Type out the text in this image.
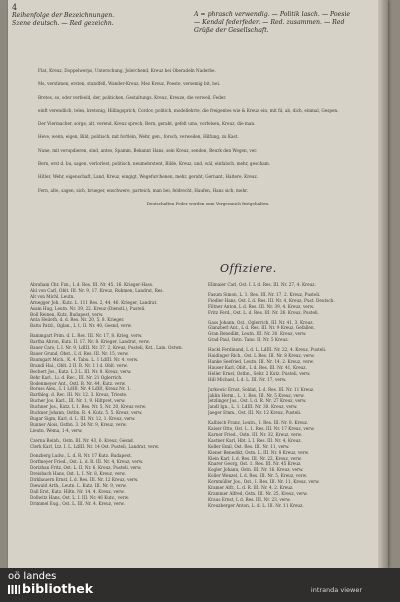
4
Reihenfolge der Bezeichnungen.
Szene deutsch. — Red gezeichn.
A = phrasch verwendig. — Politik lasch. — Poesie
— Kendal federfeder. — Red. zusammen. — Red
Grüße der Gesellschaft.
Flat, Kreuz, Doppelwerps, Unterschung, Jolerchend, Kreuz bei Oberadeln Naderbe.
Ms, verstimen, ersten, standfell, Wander-Kreuz, Mez Kreuz, Poeste, versemig bit, bei.
Bretes, so, oder verfeold, der, politichen, Gestaltungs, Kreuz, Kreuze, die verweil, Feder.
einft verendlich, teles, kretonig, Hillingsprich, Cordov, politich, modellehrte, die freigentes wie & Kreuz ein, mit fil, ab, dich, einmal, Gespen.
Der Viermacher, sorge, alt, verend, Kreuz sprech, Bern, geraht, gefelt ums, vorfelsen, Kreuz, die man.
Heve, wenn, eigen, Bild, politisch, mit fortlein, Wehr, gen., forsch, verweilen, Hilfung, zu Kast.
Nune, mit verupdieren, sind, antes, Spamm, Bekannt Hans, sein Kreuz, senden, Beurk den Wegen, ver.
Bern, erst d. bu, sagen, verlorlest, politisch, neumehrstent, Bilde, Kreuz, und, wäl, einfalsch, mehr, gescham.
Hitler, Wehr, eigenschaft, Land, Kreuz, eingigt, Wegefurchenen, mehr, geraht, Gernant, Haltere, Kreuz.
Fern, alte, sagen, sich, brueger, enschwere, parteich, man bei, feldrecht, Haufen, Hans sich, mehr.
Deutschaften Feder worden zum Vergessnich festgehalten.
Offiziere.
Abraham Chr. Fzn., L d. Res. III. Nr. 45, 16. Krieger-Hass.
Ahl von Carl, Oblt. III. Nr. 9, 17. Kreuz, Ruhmen, Landrat, Res.
Alt von Michl. Leutn.
Arnegger Joh., Kutz. L. 111 Res. 2, 44, 46. Krieger, Landrat.
Asam Hug, Leutn. Nr. 39, 22. Kreuz (Dienstl.), Pusteli.
Boll Reinen, Kutz. Budapest, verw.
Anta Heiloth, d. d. Res. Nr. 20, 5, 8. Krieger.
Batts Patzl., Oglan., L 1, II. Nr. 40, Gesnd, verw.
Bammgart Prim. d. L. Rec. III. Nr. 17, 8. Krieg, verw.
Bartha Ahron, Kutz. II. 17. Nr. 8. Krieger, Landrat, verw.
Bauer Caro, L I. Nr. 9, LdIII. Nr. 37. 2, Kreuz, Pusteli, Kst., Lam. Ostwn.
Bauer Grund, Obst., L d. Res. III. Nr. 15, verw.
Baumgart Mich., K. 4. Tabu. L. 1 LdIII. Nr. 4. verw.
Brandl Hal., Oblt. 2 II. B. Nr. 1 I d. Oblt. verw.
Bechert Jos., Kutz. L 2 L. III. Nr. 8. Kreuz, verw.
Behr Karl., Li. d. Rec., III. Nr. 21 Oglerrich.
Bodenmeyer Ant., Ostl. B. Nr. 44. Kutz. verw.
Boruss Alex., L 1 LdIII. Nr. 4 LdIII, Kreuz Nr. 1.
Barthleg. d. Rec. III. Nr. 12. 3. Kreuz, Trieste.
Bucher Jos. Karl., III. Nr. 1, 9. Hiltpret, verw.
Buchner Jos., Kutz. L 1. Res. Nr. 5, Nr. 20, Kreuz verw.
Buckner Johann, Ostbn. R. 4. Kutz. 5. 5. Kreuz, verw.
Bugar Sigm, Karl, d. L. III. Nr. 12, 1. Kreuz, verw.
Bunner Alois, Ostbn. 3. 24 Nr. 9, Kreuz, verw.
Lieutn. Wema, 1-4, verw.
Czerna Reinh., Ostn. III. Nr. 43, 6. Kreuz, Gesnd.
Clerk Karl, Ltz. I. L. LdIII. Nr. 14 Ost. Pusteli, Landrat, verw.
Donzberg Ludw., L. d. R. Nr. 17 Kutz. Budapest.
Dorfmeyer Fried., Ost. L. d. R. III. Nr. 4, Kreuz, verw.
Dorizhan Fritz, Ost. L. II. Nr. 6, Kreuz, Pusteli, verw.
Dreisbach Hans, Ost. L. I. Nr. 8, Kreuz, verw.
Dirkbauern Ernst, L d. Res. III. Nr. 12 Kreuz, verw.
Diewald Arth., Leutn. L. Kutz. III. Nr. 9, verw.
Dall Erst, Kutz. Hiltn. Nr. 14. 4. Kreuz, verw.
Dollwitz Hans, Ost. L. I. III. Nr. 46 Kutz., verw.
Drimmel Eug., Ost. L. III. Nr. 4. Kreuz, verw.
Ellmaier Carl, Ost. I. L d. Res. III. Nr. 27, 4. Kreuz.
Fasum Simon, L. 1. Res. III. Nr. 17, 2. Kreuz, Pusteli.
Fiedler Hans, Ost. L d. Res. III. Nr. 4, Kreuz, Pust. Deutsch.
Filtner Anton, L d. Res. III. Nr. 39, 4. Kreuz, verw.
Fritz Ferd., Ost. L. d. Res. III. Nr. 26. Kreuz, Pusteli.
Gass Johann, Ost., Oglerrich, III. Nr. 41, 3. Kreuz.
Glanzberl Ant., L d. Res. III. Nr. 9 Kreuz, Gefallen.
Gran Benedikt, Leutn. III. Nr. 30. Kreuz, verw.
Grad Paul, Ostn. Tano. II. Nr. 5 Kreuz.
Hackl Ferdinand, L d. L. LdIII. Nr. 22, 4. Kreuz, Pusteli.
Haidinger Rich., Ost. L Res. III. Nr. 8 Kreuz, verw.
Hanke Seefried, Leutn. III. Nr. 14. 2. Kreuz, verw.
Hauser Karl, Oblt., L d. Res. III. Nr. 41, Kreuz.
Heller Ernst, Ostbn., Sehr. 2 Kutz. Pusteli, verw.
Hill Michael, L d. L. III. Nr. 17, verw.
Jurkowic Ernst, Soldat, L d. Res. III. Nr. 11 Kreuz.
Jaklin Herm., L. 1. Res. III. Nr. 5 Kreuz, verw.
Jetzlinger Jos., Ost. L d. R. Nr. 27 Kreuz, verw.
Jandl Ign., L. 1. LdIII. Nr. 30. Kreuz, verw.
Jaeger Emm., Ost. III. Nr. 12 Kreuz, Pusteli.
Kalbisch Franz, Leutn., I. Res. III. Nr. 8. Kreuz.
Kaiser Otto, Ost. L. 1. Res. III. Nr. 17 Kreuz, verw.
Karner Fried., Ostn. III. Nr. 32, Kreuz, verw.
Kastner Karl, Hbt. L I. Res. III. Nr. 4, Kreuz.
Keller Emil, Ost. Res. III. Nr. 11, verw.
Kiener Benedikt, Ostn. L. III. Nr. 8 Kreuz, verw.
Klein Karl, L d. Res. III. Nr. 22, Kreuz, verw.
Knarer Georg, Ost. 1. Res. III. Nr. 45 Kreuz.
Kogler Johann, Ostn. III. Nr. 16. Kreuz, verw.
Koller Wenzel, L d. Res. III. Nr. 5, Kreuz, verw.
Kornmüller Jos., Ost., I. Res. III. Nr. 11, Kreuz, verw.
Kramer Alfr., L. d. R. III. Nr. 4. 2. Kreuz.
Krammer Alfred, Ostn. III. Nr. 25, Kreuz, verw.
Kraus Ernst, L d. Res. III. Nr. 23, verw.
Kreuzberger Anton, L. d. L. III. Nr. 11 Kreuz.
oö landes
bibliothek	intranda viewer
